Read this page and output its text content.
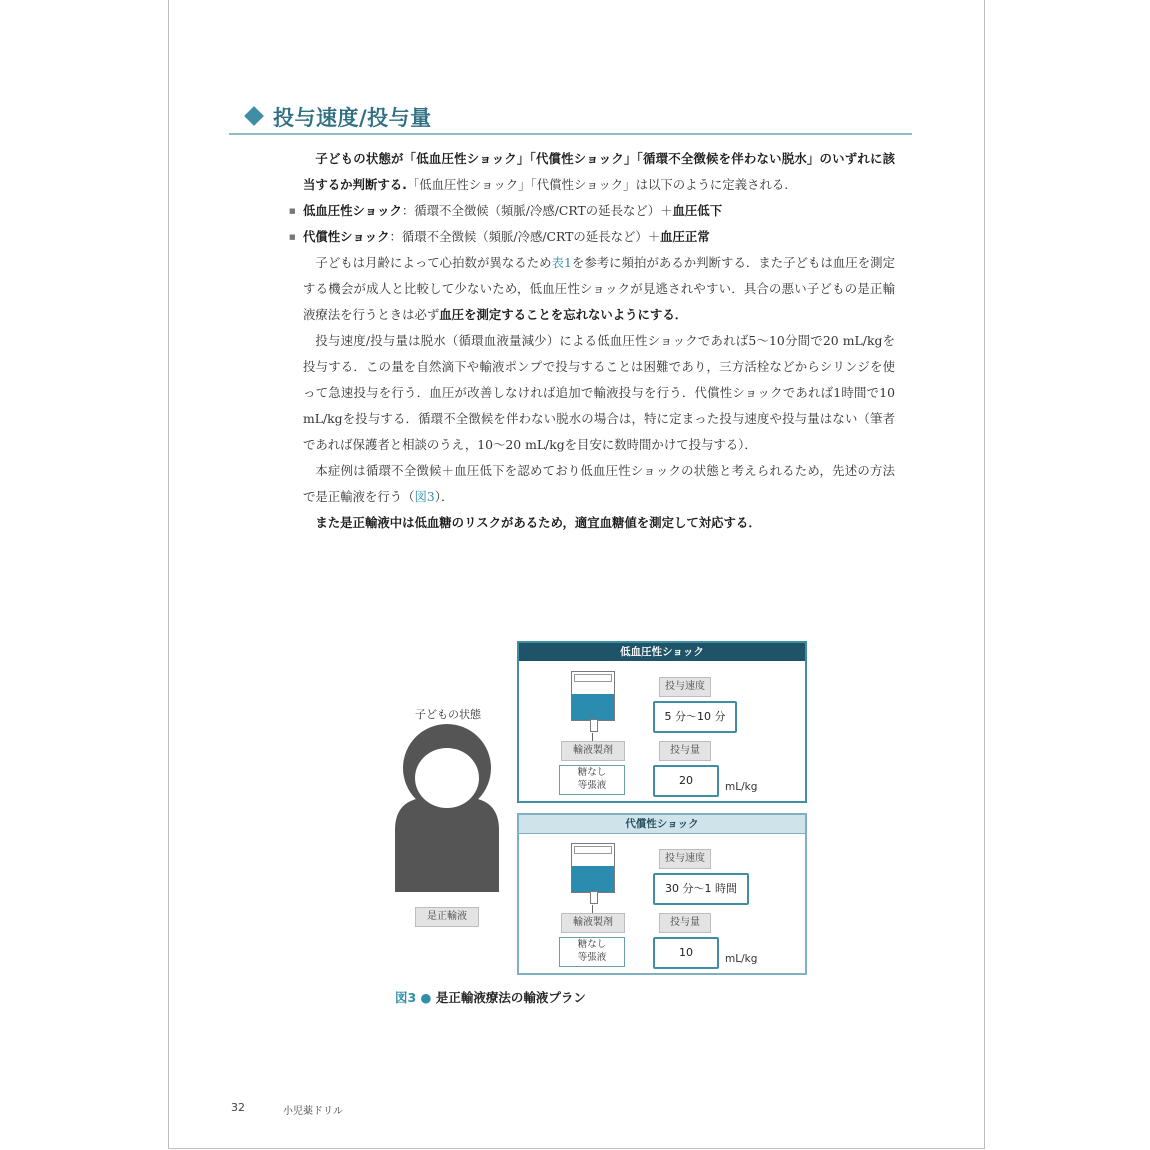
投与速度/投与量

子どもの状態が「低血圧性ショック」「代償性ショック」「循環不全徴候を伴わない脱水」のいずれに該当するか判断する.「低血圧性ショック」「代償性ショック」は以下のように定義される.

■ 低血圧性ショック：循環不全徴候（頻脈/冷感/CRTの延長など）＋血圧低下
■ 代償性ショック：循環不全徴候（頻脈/冷感/CRTの延長など）＋血圧正常

子どもは月齢によって心拍数が異なるため表1を参考に頻拍があるか判断する．また子どもは血圧を測定する機会が成人と比較して少ないため，低血圧性ショックが見逃されやすい．具合の悪い子どもの是正輸液療法を行うときは必ず血圧を測定することを忘れないようにする．

投与速度/投与量は脱水（循環血液量減少）による低血圧性ショックであれば5～10分間で20 mL/kgを投与する．この量を自然滴下や輸液ポンプで投与することは困難であり，三方活栓などからシリンジを使って急速投与を行う．血圧が改善しなければ追加で輸液投与を行う．代償性ショックであれば1時間で10 mL/kgを投与する．循環不全徴候を伴わない脱水の場合は，特に定まった投与速度や投与量はない（筆者であれば保護者と相談のうえ，10～20 mL/kgを目安に数時間かけて投与する）．

本症例は循環不全徴候＋血圧低下を認めており低血圧性ショックの状態と考えられるため，先述の方法で是正輸液を行う（図3）．

また是正輸液中は低血糖のリスクがあるため，適宜血糖値を測定して対応する．

子どもの状態
是正輸液
低血圧性ショック
輸液製剤
糖なし
等張液
投与速度
5 分～10 分
投与量
20	mL/kg
代償性ショック
輸液製剤
糖なし
等張液
投与速度
30 分～1 時間
投与量
10	mL/kg
図3 ● 是正輸液療法の輸液プラン
32	小児薬ドリル
